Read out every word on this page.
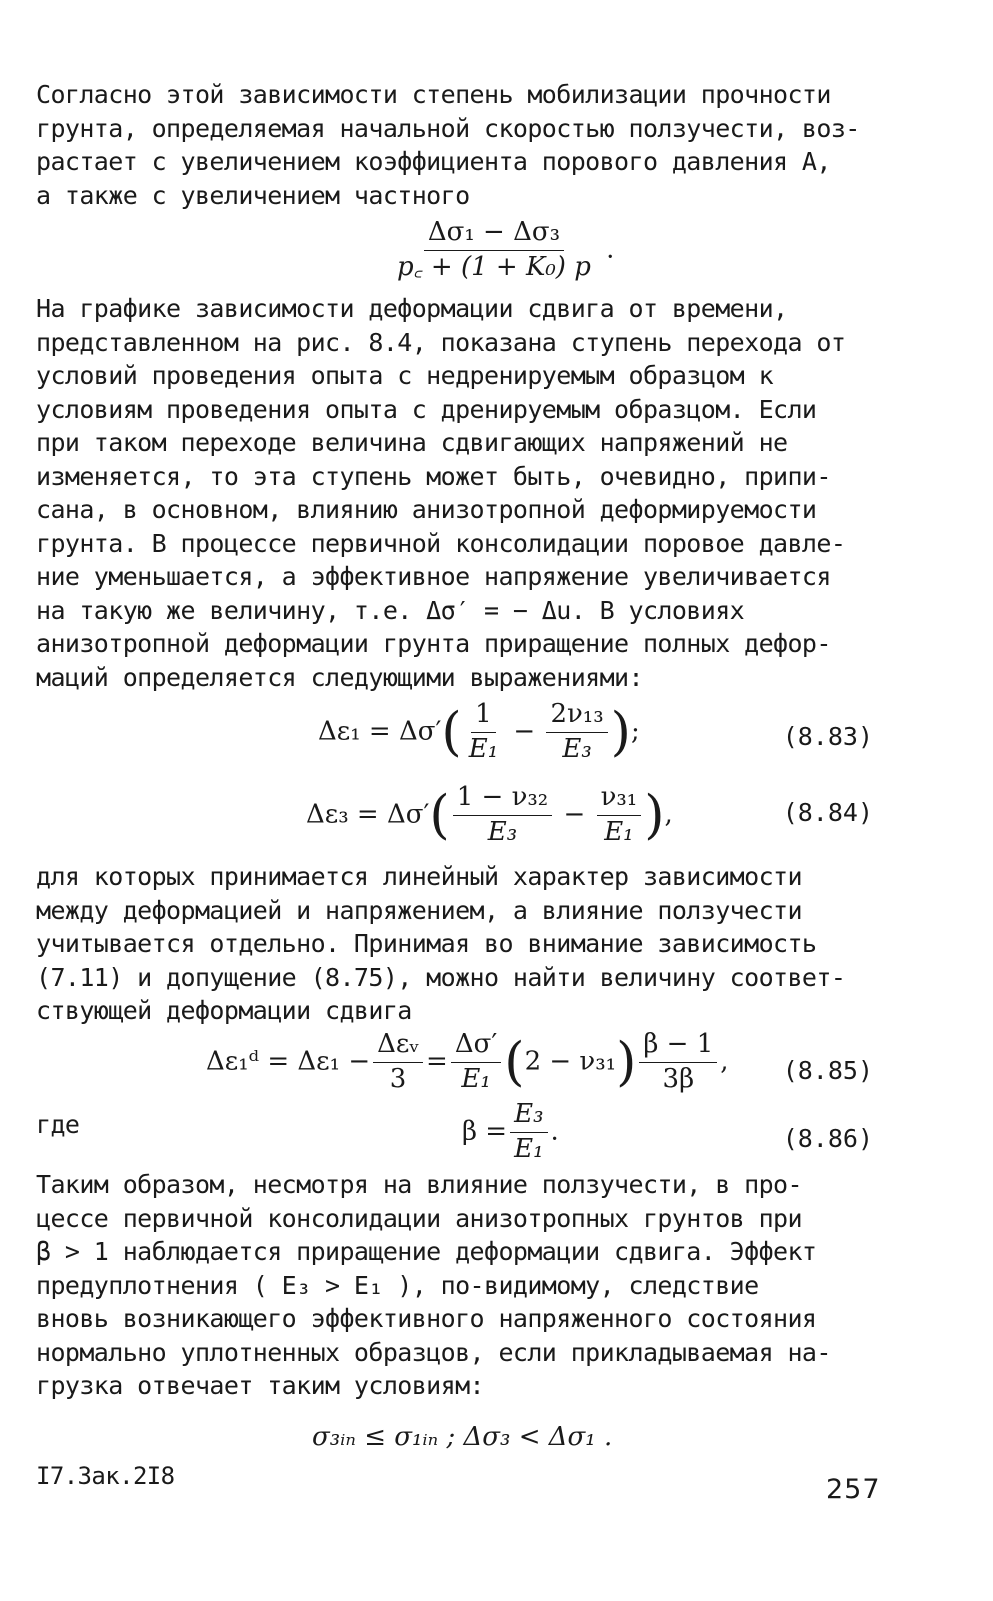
Согласно этой зависимости степень мобилизации прочности
грунта, определяемая начальной скоростью ползучести, воз-
растает с увеличением коэффициента порового давления А,
а также с увеличением частного
$\frac{\text{Δσ₁ − Δσ₃}}{\text{p꜀ + (1 + K₀) p}}$ .
На графике зависимости деформации сдвига от времени,
представленном на рис. 8.4, показана ступень перехода от
условий проведения опыта с недренируемым образцом к
условиям проведения опыта с дренируемым образцом. Если
при таком переходе величина сдвигающих напряжений не
изменяется, то эта ступень может быть, очевидно, припи-
сана, в основном, влиянию анизотропной деформируемости
грунта. В процессе первичной консолидации поровое давле-
ние уменьшается, а эффективное напряжение увеличивается
на такую же величину, т.е. Δσ′ = − Δu. В условиях
анизотропной деформации грунта приращение полных дефор-
маций определяется следующими выражениями:
$\Delta\varepsilon_1 = \Delta\sigma'( \frac{1}{\text{E₁}} - \frac{\text{2ν₁₃}}{\text{E₃}}$ );	(8.83)
$\Delta\varepsilon_3 = \Delta\sigma'( \frac{\text{1 − ν₃₂}}{\text{E₃}} - \frac{\text{ν₃₁}}{\text{E₁}}$ ),	(8.84)
для которых принимается линейный характер зависимости
между деформацией и напряжением, а влияние ползучести
учитывается отдельно. Принимая во внимание зависимость
(7.11) и допущение (8.75), можно найти величину соответ-
ствующей деформации сдвига
Δε₁ᵈ = $\Delta\varepsilon_1 - \frac{\text{Δεᵥ}}{3} = \frac{\Delta\sigma'}{\text{E₁}} (2 - \nu_{31}) \frac{\beta - 1}{3\beta}$ , (8.85)
где	$\beta = \frac{\text{E₃}}{\text{E₁}}$ .	(8.86)
Таким образом, несмотря на влияние ползучести, в про-
цессе первичной консолидации анизотропных грунтов при
β > 1 наблюдается приращение деформации сдвига. Эффект
предуплотнения ( E₃ > E₁ ), по-видимому, следствие
вновь возникающего эффективного напряженного состояния
нормально уплотненных образцов, если прикладываемая на-
грузка отвечает таким условиям:
σ₃ᵢₙ ≤ σ₁ᵢₙ ; Δσ₃ < Δσ₁ .
I7.Зак.2I8	257
